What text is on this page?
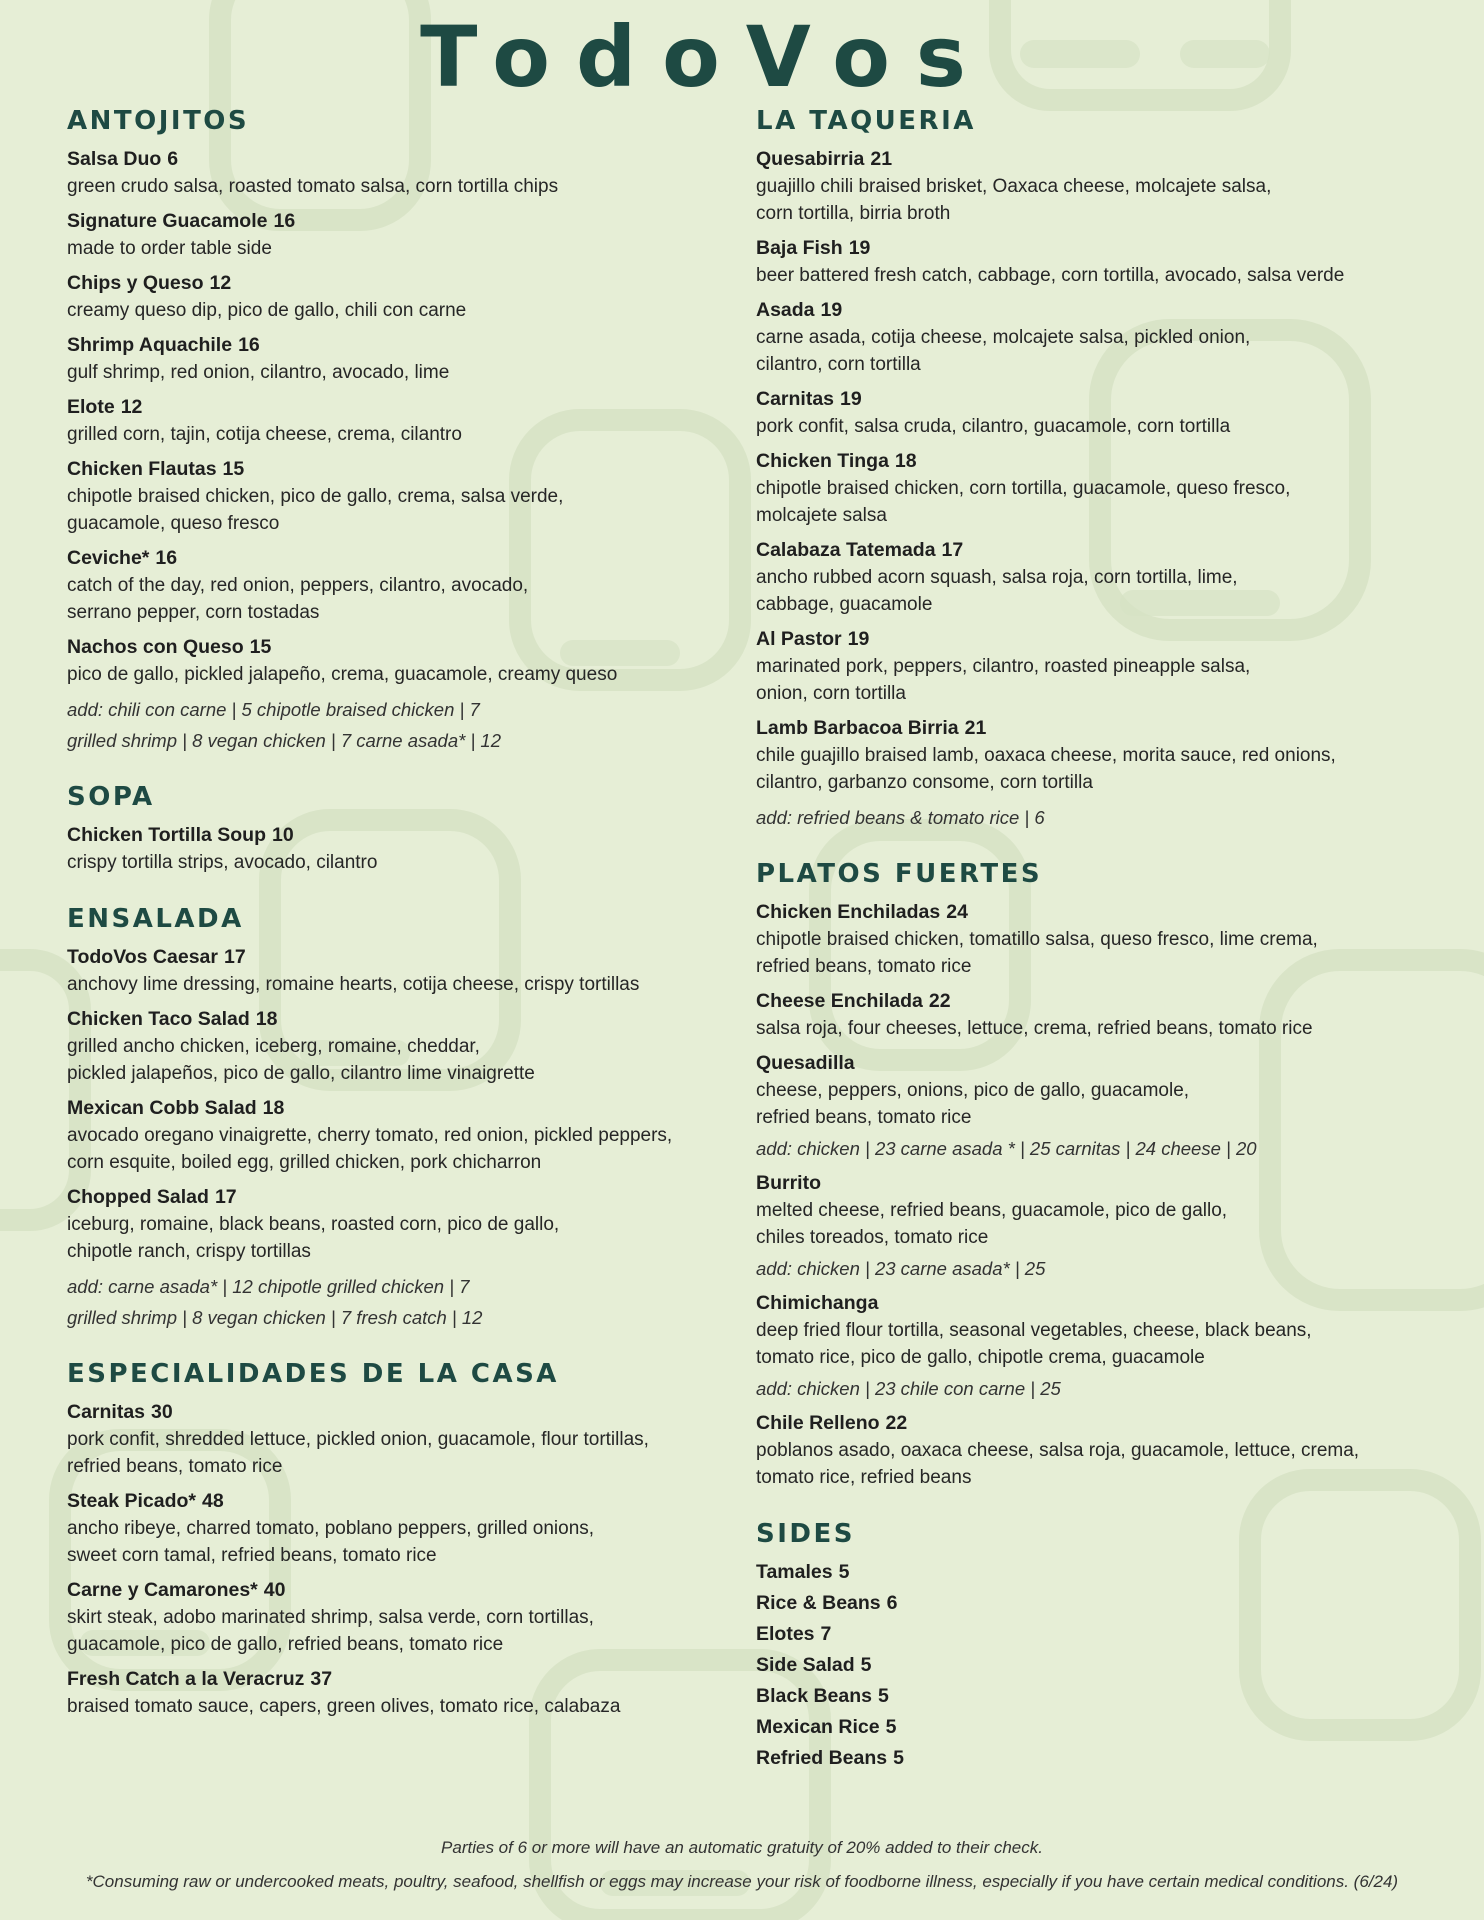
TodoVos
ANTOJITOS
Salsa Duo 6
green crudo salsa, roasted tomato salsa, corn tortilla chips
Signature Guacamole 16
made to order table side
Chips y Queso 12
creamy queso dip, pico de gallo, chili con carne
Shrimp Aquachile 16
gulf shrimp, red onion, cilantro, avocado, lime
Elote 12
grilled corn, tajin, cotija cheese, crema, cilantro
Chicken Flautas 15
chipotle braised chicken, pico de gallo, crema, salsa verde,
guacamole, queso fresco
Ceviche* 16
catch of the day, red onion, peppers, cilantro, avocado,
serrano pepper, corn tostadas
Nachos con Queso 15
pico de gallo, pickled jalapeño, crema, guacamole, creamy queso
add: chili con carne | 5 chipotle braised chicken | 7
grilled shrimp | 8 vegan chicken | 7 carne asada* | 12
SOPA
Chicken Tortilla Soup 10
crispy tortilla strips, avocado, cilantro
ENSALADA
TodoVos Caesar 17
anchovy lime dressing, romaine hearts, cotija cheese, crispy tortillas
Chicken Taco Salad 18
grilled ancho chicken, iceberg, romaine, cheddar,
pickled jalapeños, pico de gallo, cilantro lime vinaigrette
Mexican Cobb Salad 18
avocado oregano vinaigrette, cherry tomato, red onion, pickled peppers,
corn esquite, boiled egg, grilled chicken, pork chicharron
Chopped Salad 17
iceburg, romaine, black beans, roasted corn, pico de gallo,
chipotle ranch, crispy tortillas
add: carne asada* | 12 chipotle grilled chicken | 7
grilled shrimp | 8 vegan chicken | 7 fresh catch | 12
ESPECIALIDADES DE LA CASA
Carnitas 30
pork confit, shredded lettuce, pickled onion, guacamole, flour tortillas,
refried beans, tomato rice
Steak Picado* 48
ancho ribeye, charred tomato, poblano peppers, grilled onions,
sweet corn tamal, refried beans, tomato rice
Carne y Camarones* 40
skirt steak, adobo marinated shrimp, salsa verde, corn tortillas,
guacamole, pico de gallo, refried beans, tomato rice
Fresh Catch a la Veracruz 37
braised tomato sauce, capers, green olives, tomato rice, calabaza
LA TAQUERIA
Quesabirria 21
guajillo chili braised brisket, Oaxaca cheese, molcajete salsa,
corn tortilla, birria broth
Baja Fish 19
beer battered fresh catch, cabbage, corn tortilla, avocado, salsa verde
Asada 19
carne asada, cotija cheese, molcajete salsa, pickled onion,
cilantro, corn tortilla
Carnitas 19
pork confit, salsa cruda, cilantro, guacamole, corn tortilla
Chicken Tinga 18
chipotle braised chicken, corn tortilla, guacamole, queso fresco,
molcajete salsa
Calabaza Tatemada 17
ancho rubbed acorn squash, salsa roja, corn tortilla, lime,
cabbage, guacamole
Al Pastor 19
marinated pork, peppers, cilantro, roasted pineapple salsa,
onion, corn tortilla
Lamb Barbacoa Birria 21
chile guajillo braised lamb, oaxaca cheese, morita sauce, red onions,
cilantro, garbanzo consome, corn tortilla
add: refried beans & tomato rice | 6
PLATOS FUERTES
Chicken Enchiladas 24
chipotle braised chicken, tomatillo salsa, queso fresco, lime crema,
refried beans, tomato rice
Cheese Enchilada 22
salsa roja, four cheeses, lettuce, crema, refried beans, tomato rice
Quesadilla
cheese, peppers, onions, pico de gallo, guacamole,
refried beans, tomato rice
add: chicken | 23 carne asada * | 25 carnitas | 24 cheese | 20
Burrito
melted cheese, refried beans, guacamole, pico de gallo,
chiles toreados, tomato rice
add: chicken | 23 carne asada* | 25
Chimichanga
deep fried flour tortilla, seasonal vegetables, cheese, black beans,
tomato rice, pico de gallo, chipotle crema, guacamole
add: chicken | 23 chile con carne | 25
Chile Relleno 22
poblanos asado, oaxaca cheese, salsa roja, guacamole, lettuce, crema,
tomato rice, refried beans
SIDES
Tamales 5
Rice & Beans 6
Elotes 7
Side Salad 5
Black Beans 5
Mexican Rice 5
Refried Beans 5
Parties of 6 or more will have an automatic gratuity of 20% added to their check.
*Consuming raw or undercooked meats, poultry, seafood, shellfish or eggs may increase your risk of foodborne illness, especially if you have certain medical conditions. (6/24)
